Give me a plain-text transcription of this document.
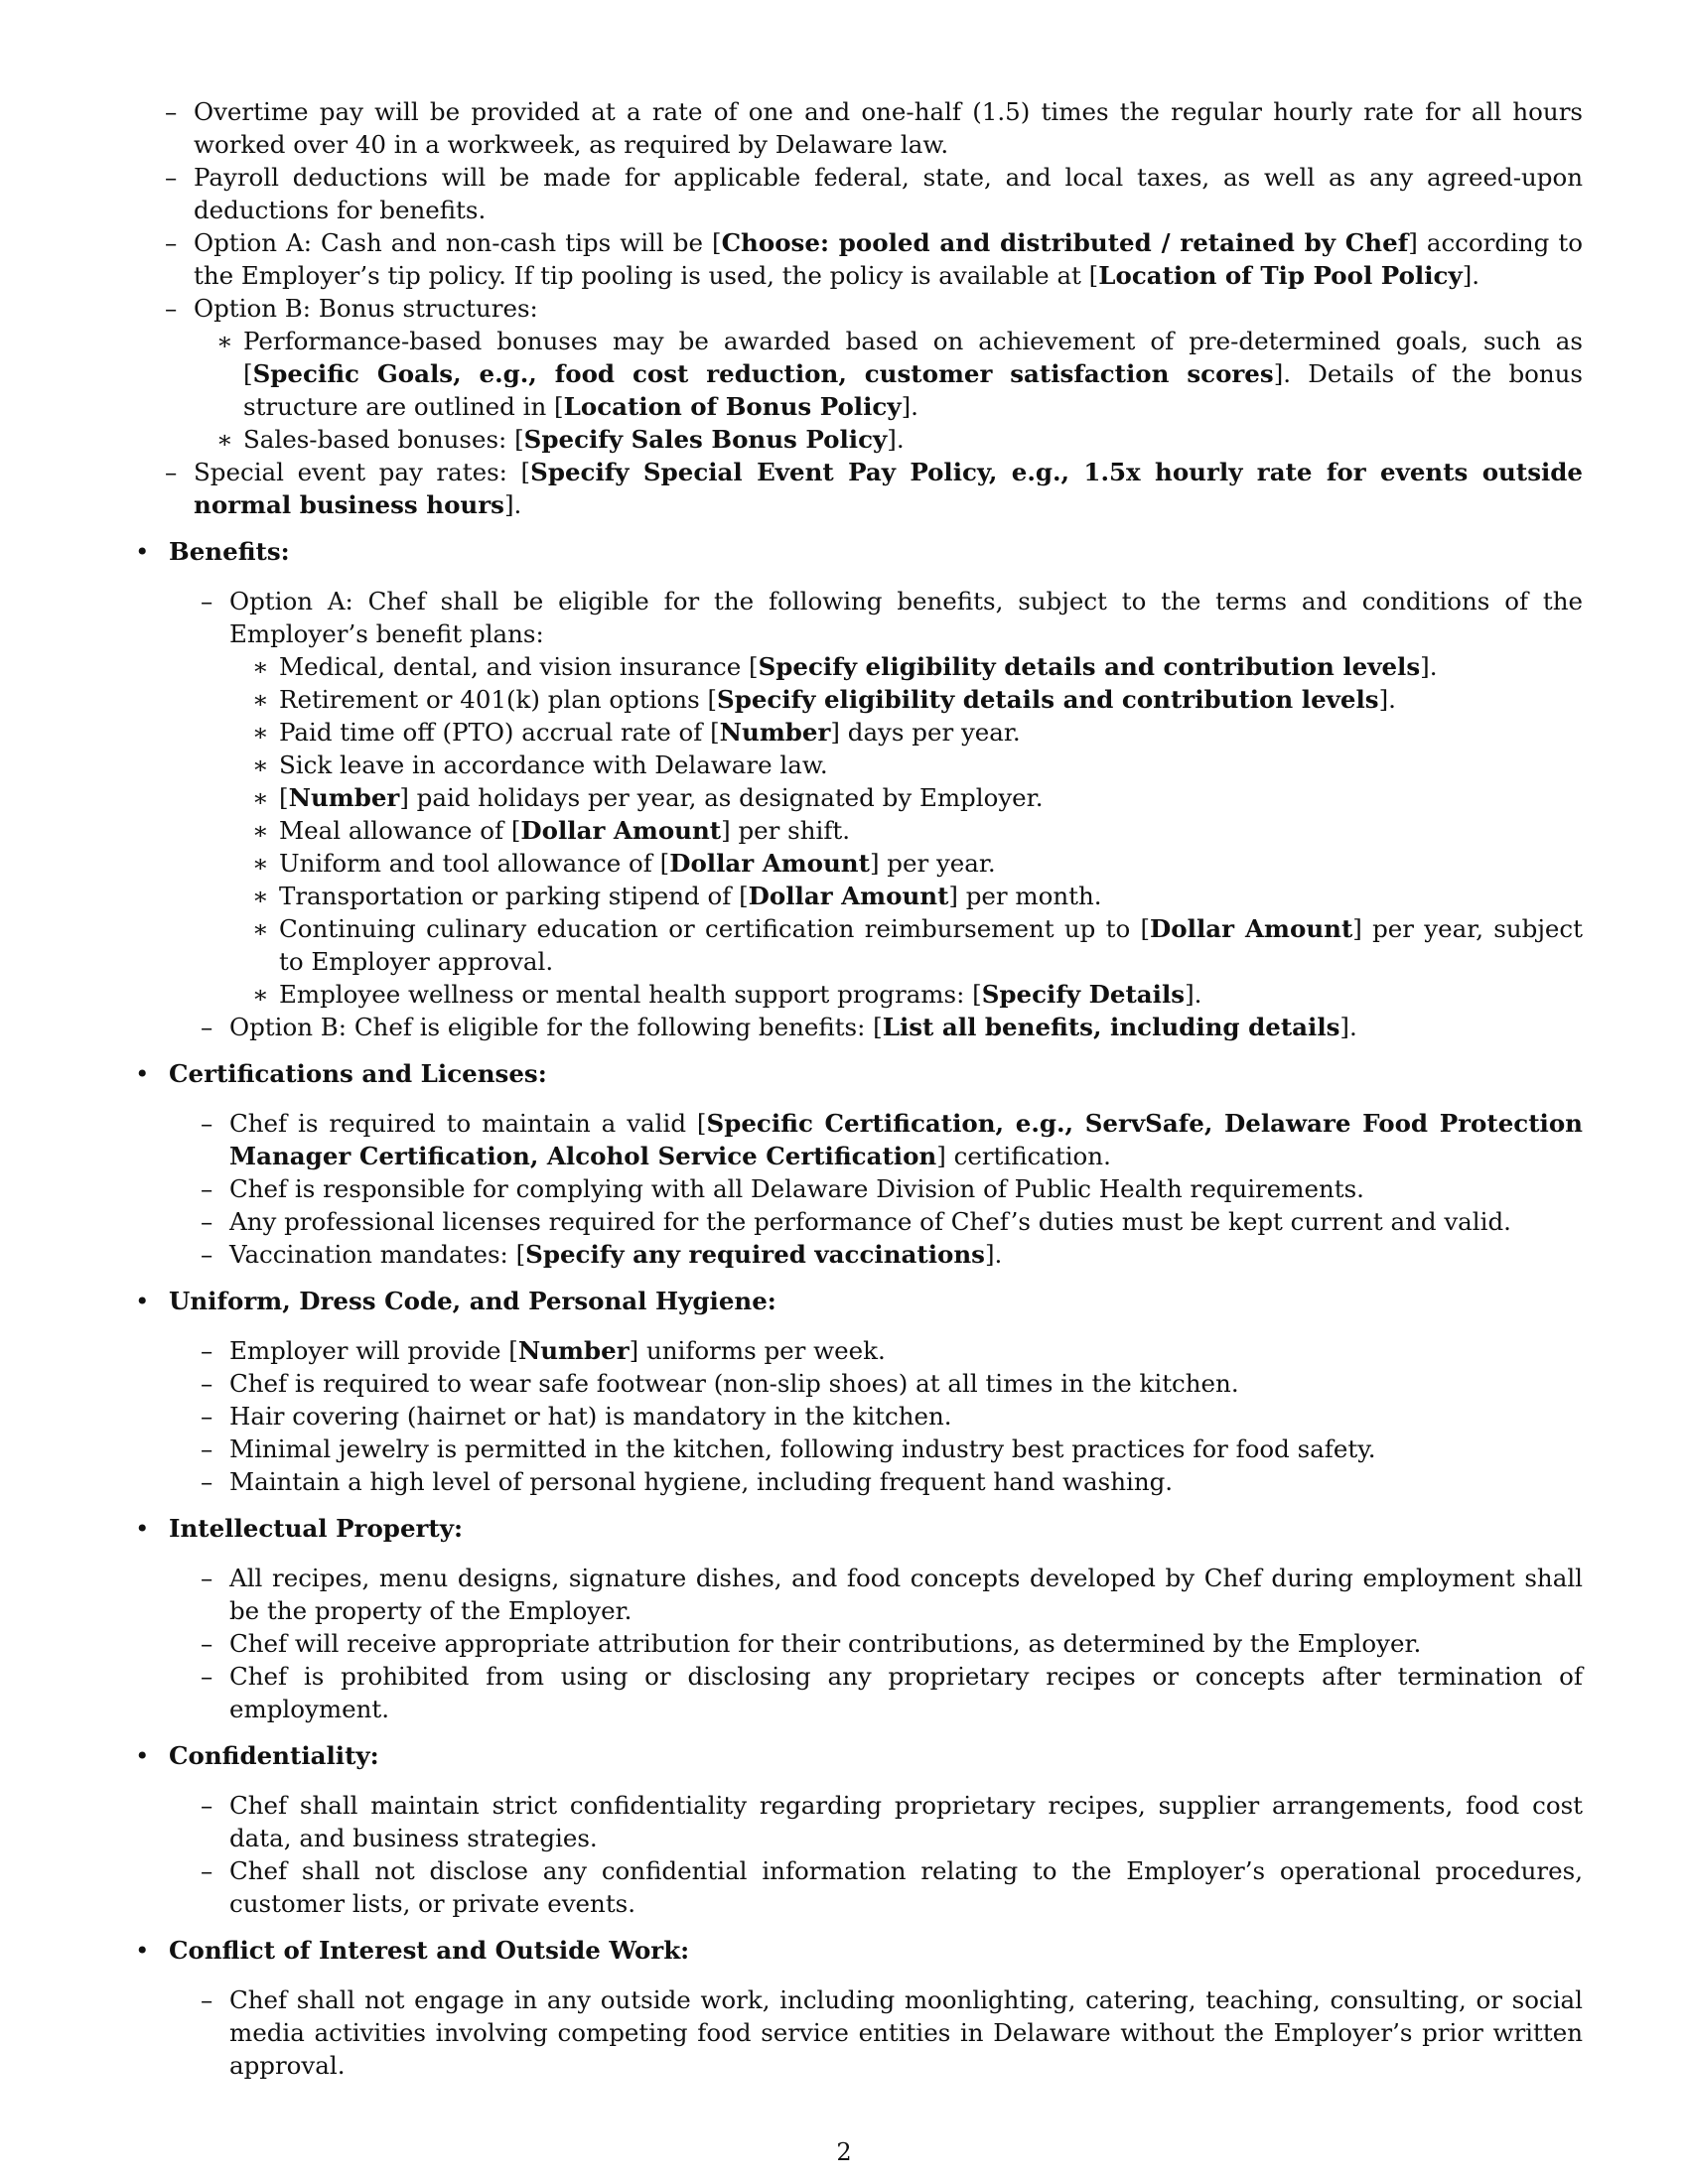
– Overtime pay will be provided at a rate of one and one-half (1.5) times the regular hourly rate for all hours worked over 40 in a workweek, as required by Delaware law.
– Payroll deductions will be made for applicable federal, state, and local taxes, as well as any agreed-upon deductions for benefits.
– Option A: Cash and non-cash tips will be [Choose: pooled and distributed / retained by Chef] according to the Employer’s tip policy. If tip pooling is used, the policy is available at [Location of Tip Pool Policy].
– Option B: Bonus structures:
∗ Performance-based bonuses may be awarded based on achievement of pre-determined goals, such as [Specific Goals, e.g., food cost reduction, customer satisfaction scores]. Details of the bonus structure are outlined in [Location of Bonus Policy].
∗ Sales-based bonuses: [Specify Sales Bonus Policy].
– Special event pay rates: [Specify Special Event Pay Policy, e.g., 1.5x hourly rate for events outside normal business hours].
• Benefits:
– Option A: Chef shall be eligible for the following benefits, subject to the terms and conditions of the Employer’s benefit plans:
∗ Medical, dental, and vision insurance [Specify eligibility details and contribution levels].
∗ Retirement or 401(k) plan options [Specify eligibility details and contribution levels].
∗ Paid time off (PTO) accrual rate of [Number] days per year.
∗ Sick leave in accordance with Delaware law.
∗ [Number] paid holidays per year, as designated by Employer.
∗ Meal allowance of [Dollar Amount] per shift.
∗ Uniform and tool allowance of [Dollar Amount] per year.
∗ Transportation or parking stipend of [Dollar Amount] per month.
∗ Continuing culinary education or certification reimbursement up to [Dollar Amount] per year, subject to Employer approval.
∗ Employee wellness or mental health support programs: [Specify Details].
– Option B: Chef is eligible for the following benefits: [List all benefits, including details].
• Certifications and Licenses:
– Chef is required to maintain a valid [Specific Certification, e.g., ServSafe, Delaware Food Protection Manager Certification, Alcohol Service Certification] certification.
– Chef is responsible for complying with all Delaware Division of Public Health requirements.
– Any professional licenses required for the performance of Chef’s duties must be kept current and valid.
– Vaccination mandates: [Specify any required vaccinations].
• Uniform, Dress Code, and Personal Hygiene:
– Employer will provide [Number] uniforms per week.
– Chef is required to wear safe footwear (non-slip shoes) at all times in the kitchen.
– Hair covering (hairnet or hat) is mandatory in the kitchen.
– Minimal jewelry is permitted in the kitchen, following industry best practices for food safety.
– Maintain a high level of personal hygiene, including frequent hand washing.
• Intellectual Property:
– All recipes, menu designs, signature dishes, and food concepts developed by Chef during employment shall be the property of the Employer.
– Chef will receive appropriate attribution for their contributions, as determined by the Employer.
– Chef is prohibited from using or disclosing any proprietary recipes or concepts after termination of employment.
• Confidentiality:
– Chef shall maintain strict confidentiality regarding proprietary recipes, supplier arrangements, food cost data, and business strategies.
– Chef shall not disclose any confidential information relating to the Employer’s operational procedures, customer lists, or private events.
• Conflict of Interest and Outside Work:
– Chef shall not engage in any outside work, including moonlighting, catering, teaching, consulting, or social media activities involving competing food service entities in Delaware without the Employer’s prior written approval.
2
